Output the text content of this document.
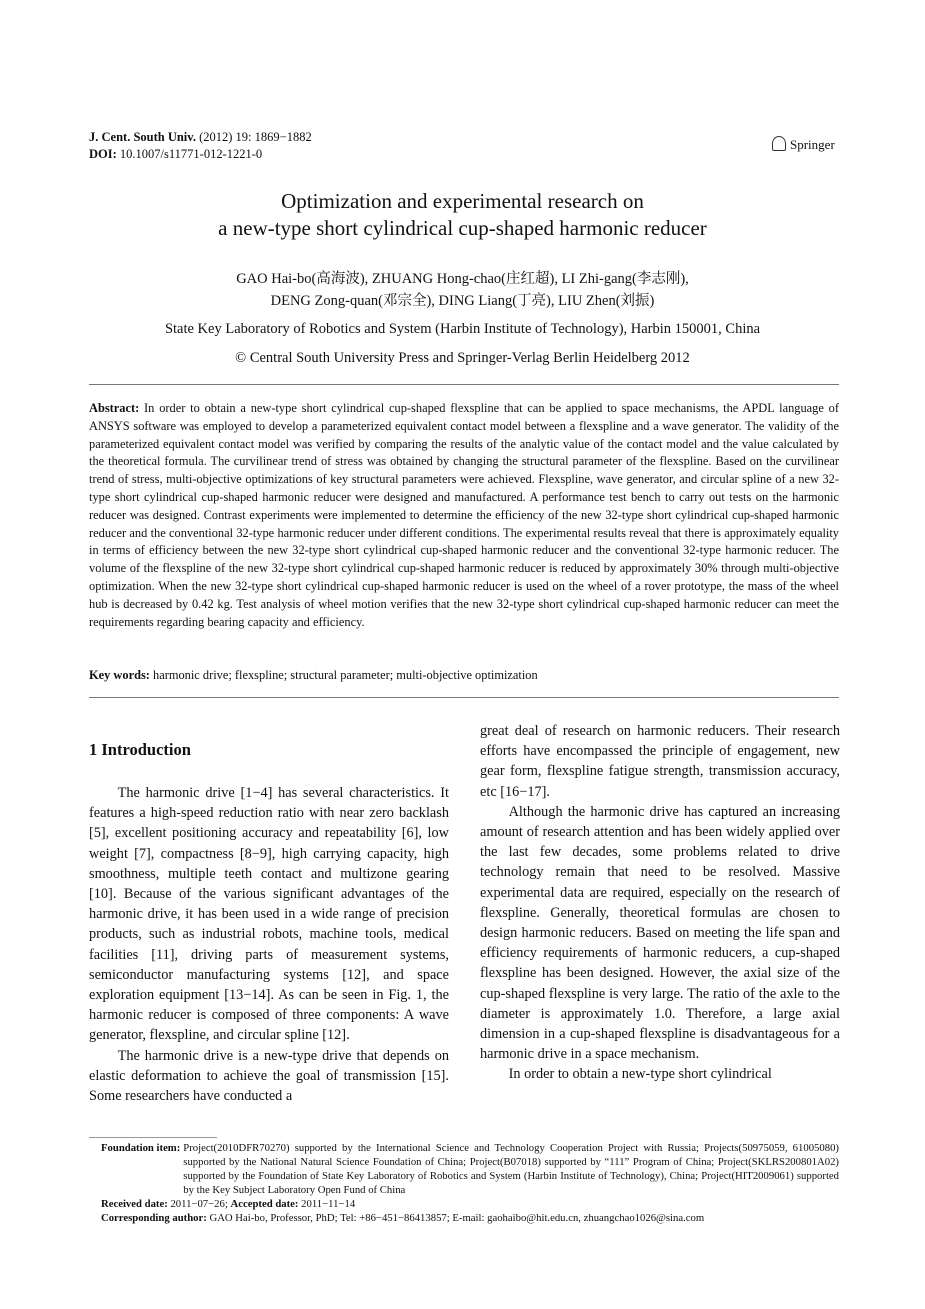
J. Cent. South Univ. (2012) 19: 1869−1882
DOI: 10.1007/s11771-012-1221-0
Springer
Optimization and experimental research on
a new-type short cylindrical cup-shaped harmonic reducer
GAO Hai-bo(高海波), ZHUANG Hong-chao(庄红超), LI Zhi-gang(李志刚),
DENG Zong-quan(邓宗全), DING Liang(丁亮), LIU Zhen(刘振)
State Key Laboratory of Robotics and System (Harbin Institute of Technology), Harbin 150001, China
© Central South University Press and Springer-Verlag Berlin Heidelberg 2012
Abstract: In order to obtain a new-type short cylindrical cup-shaped flexspline that can be applied to space mechanisms, the APDL language of ANSYS software was employed to develop a parameterized equivalent contact model between a flexspline and a wave generator. The validity of the parameterized equivalent contact model was verified by comparing the results of the analytic value of the contact model and the value calculated by the theoretical formula. The curvilinear trend of stress was obtained by changing the structural parameter of the flexspline. Based on the curvilinear trend of stress, multi-objective optimizations of key structural parameters were achieved. Flexspline, wave generator, and circular spline of a new 32-type short cylindrical cup-shaped harmonic reducer were designed and manufactured. A performance test bench to carry out tests on the harmonic reducer was designed. Contrast experiments were implemented to determine the efficiency of the new 32-type short cylindrical cup-shaped harmonic reducer and the conventional 32-type harmonic reducer under different conditions. The experimental results reveal that there is approximately equality in terms of efficiency between the new 32-type short cylindrical cup-shaped harmonic reducer and the conventional 32-type harmonic reducer. The volume of the flexspline of the new 32-type short cylindrical cup-shaped harmonic reducer is reduced by approximately 30% through multi-objective optimization. When the new 32-type short cylindrical cup-shaped harmonic reducer is used on the wheel of a rover prototype, the mass of the wheel hub is decreased by 0.42 kg. Test analysis of wheel motion verifies that the new 32-type short cylindrical cup-shaped harmonic reducer can meet the requirements regarding bearing capacity and efficiency.
Key words: harmonic drive; flexspline; structural parameter; multi-objective optimization
1 Introduction

The harmonic drive [1−4] has several characteristics. It features a high-speed reduction ratio with near zero backlash [5], excellent positioning accuracy and repeatability [6], low weight [7], compactness [8−9], high carrying capacity, high smoothness, multiple teeth contact and multizone gearing [10]. Because of the various significant advantages of the harmonic drive, it has been used in a wide range of precision products, such as industrial robots, machine tools, medical facilities [11], driving parts of measurement systems, semiconductor manufacturing systems [12], and space exploration equipment [13−14]. As can be seen in Fig. 1, the harmonic reducer is composed of three components: A wave generator, flexspline, and circular spline [12].

The harmonic drive is a new-type drive that depends on elastic deformation to achieve the goal of transmission [15]. Some researchers have conducted a

great deal of research on harmonic reducers. Their research efforts have encompassed the principle of engagement, new gear form, flexspline fatigue strength, transmission accuracy, etc [16−17].

Although the harmonic drive has captured an increasing amount of research attention and has been widely applied over the last few decades, some problems related to drive technology remain that need to be resolved. Massive experimental data are required, especially on the research of flexspline. Generally, theoretical formulas are chosen to design harmonic reducers. Based on meeting the life span and efficiency requirements of harmonic reducers, a cup-shaped flexspline has been designed. However, the axial size of the cup-shaped flexspline is very large. The ratio of the axle to the diameter is approximately 1.0. Therefore, a large axial dimension in a cup-shaped flexspline is disadvantageous for a harmonic drive in a space mechanism.

In order to obtain a new-type short cylindrical

Foundation item: Project(2010DFR70270) supported by the International Science and Technology Cooperation Project with Russia; Projects(50975059, 61005080) supported by the National Natural Science Foundation of China; Project(B07018) supported by “111” Program of China; Project(SKLRS200801A02) supported by the Foundation of State Key Laboratory of Robotics and System (Harbin Institute of Technology), China; Project(HIT2009061) supported by the Key Subject Laboratory Open Fund of China
Received date: 2011−07−26; Accepted date: 2011−11−14
Corresponding author: GAO Hai-bo, Professor, PhD; Tel: +86−451−86413857; E-mail: gaohaibo@hit.edu.cn, zhuangchao1026@sina.com
